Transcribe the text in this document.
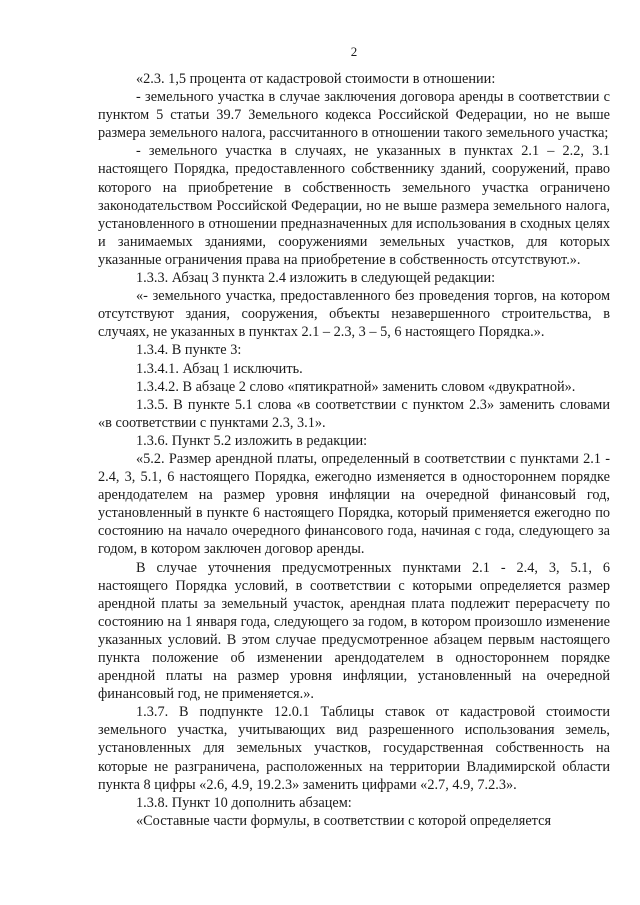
2

«2.3. 1,5 процента от кадастровой стоимости в отношении:

- земельного участка в случае заключения договора аренды в соответствии с пунктом 5 статьи 39.7 Земельного кодекса Российской Федерации, но не выше размера земельного налога, рассчитанного в отношении такого земельного участка;

- земельного участка в случаях, не указанных в пунктах 2.1 – 2.2, 3.1 настоящего Порядка, предоставленного собственнику зданий, сооружений, право которого на приобретение в собственность земельного участка ограничено законодательством Российской Федерации, но не выше размера земельного налога, установленного в отношении предназначенных для использования в сходных целях и занимаемых зданиями, сооружениями земельных участков, для которых указанные ограничения права на приобретение в собственность отсутствуют.».

1.3.3. Абзац 3 пункта 2.4 изложить в следующей редакции:

«- земельного участка, предоставленного без проведения торгов, на котором отсутствуют здания, сооружения, объекты незавершенного строительства, в случаях, не указанных в пунктах 2.1 – 2.3, 3 – 5, 6 настоящего Порядка.».

1.3.4. В пункте 3:

1.3.4.1. Абзац 1 исключить.

1.3.4.2. В абзаце 2 слово «пятикратной» заменить словом «двукратной».

1.3.5. В пункте 5.1 слова «в соответствии с пунктом 2.3» заменить словами «в соответствии с пунктами 2.3, 3.1».

1.3.6. Пункт 5.2 изложить в редакции:

«5.2. Размер арендной платы, определенный в соответствии с пунктами 2.1 - 2.4, 3, 5.1, 6 настоящего Порядка, ежегодно изменяется в одностороннем порядке арендодателем на размер уровня инфляции на очередной финансовый год, установленный в пункте 6 настоящего Порядка, который применяется ежегодно по состоянию на начало очередного финансового года, начиная с года, следующего за годом, в котором заключен договор аренды.

В случае уточнения предусмотренных пунктами 2.1 - 2.4, 3, 5.1, 6 настоящего Порядка условий, в соответствии с которыми определяется размер арендной платы за земельный участок, арендная плата подлежит перерасчету по состоянию на 1 января года, следующего за годом, в котором произошло изменение указанных условий. В этом случае предусмотренное абзацем первым настоящего пункта положение об изменении арендодателем в одностороннем порядке арендной платы на размер уровня инфляции, установленный на очередной финансовый год, не применяется.».

1.3.7. В подпункте 12.0.1 Таблицы ставок от кадастровой стоимости земельного участка, учитывающих вид разрешенного использования земель, установленных для земельных участков, государственная собственность на которые не разграничена, расположенных на территории Владимирской области пункта 8 цифры «2.6, 4.9, 19.2.3» заменить цифрами «2.7, 4.9, 7.2.3».

1.3.8. Пункт 10 дополнить абзацем:

«Составные части формулы, в соответствии с которой определяется
